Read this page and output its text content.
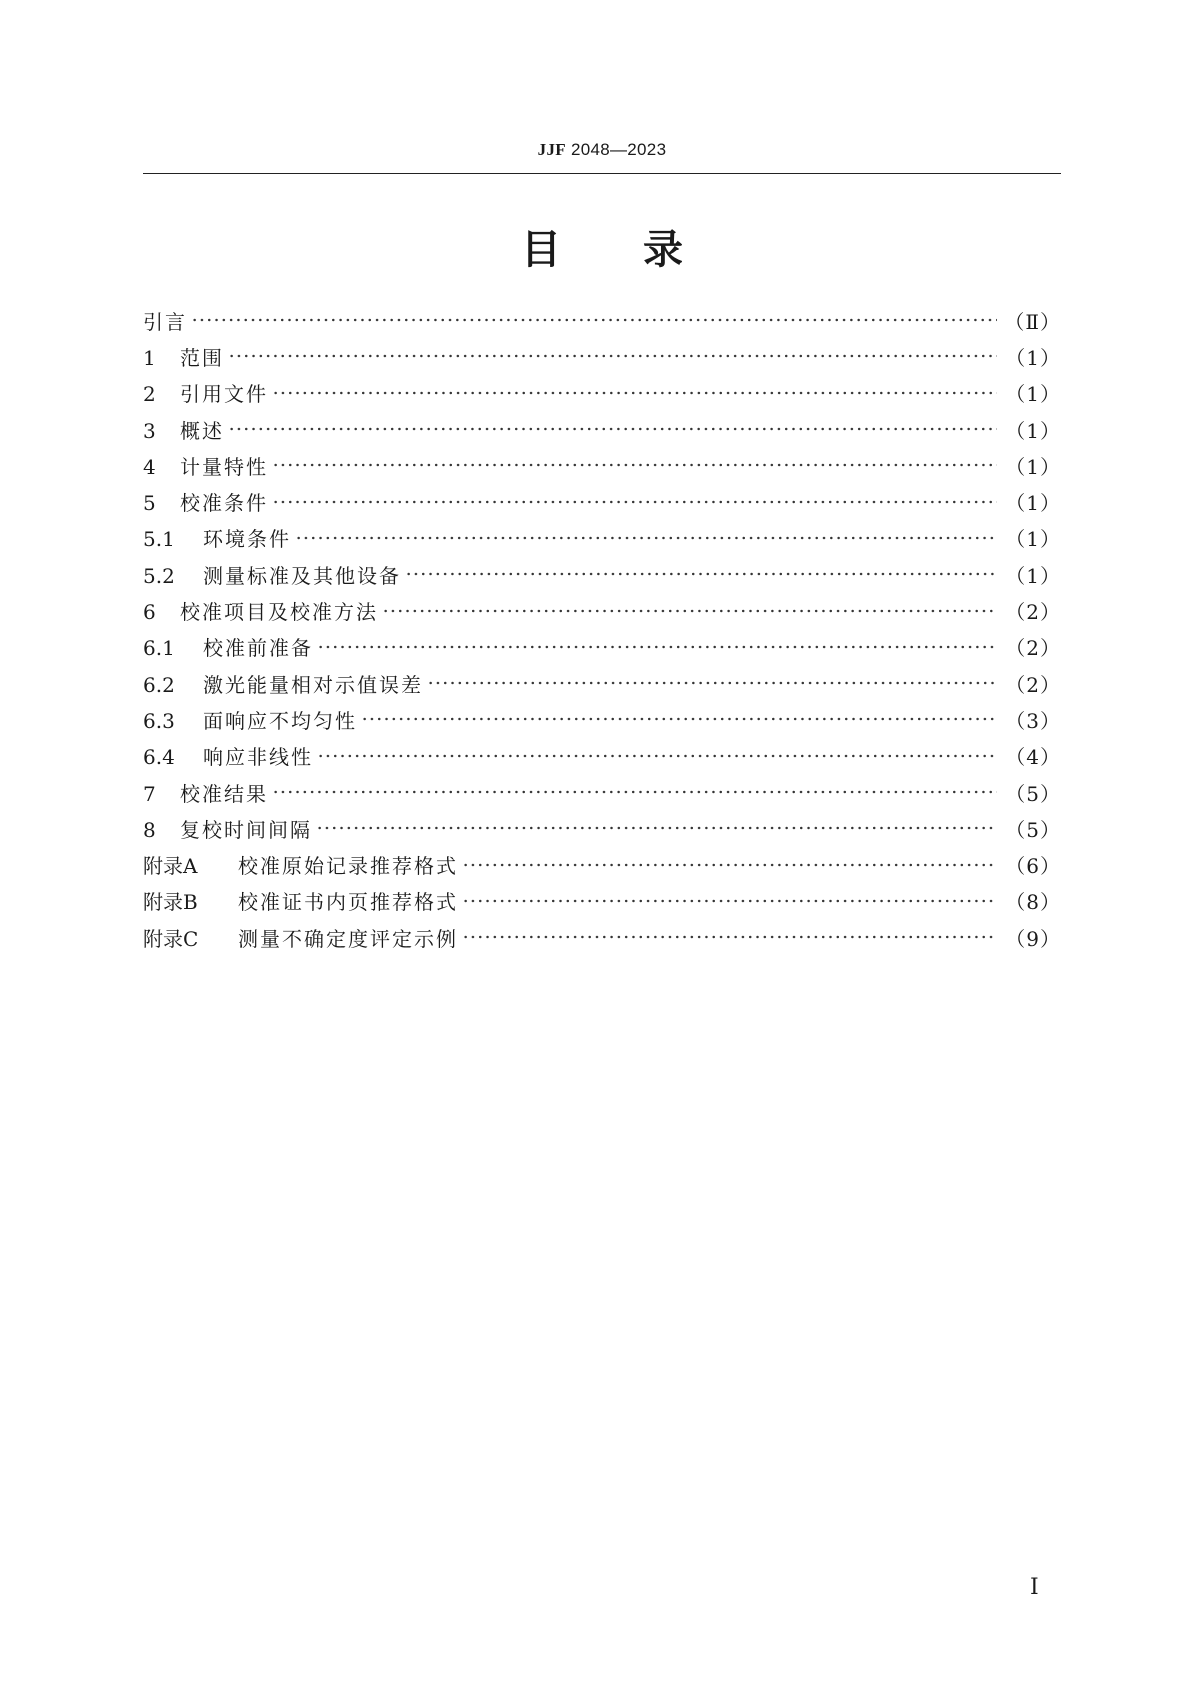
JJF 2048—2023
目 录
引言	（Ⅱ）
1 范围	（1）
2 引用文件	（1）
3 概述	（1）
4 计量特性	（1）
5 校准条件	（1）
5.1 环境条件	（1）
5.2 测量标准及其他设备	（1）
6 校准项目及校准方法	（2）
6.1 校准前准备	（2）
6.2 激光能量相对示值误差	（2）
6.3 面响应不均匀性	（3）
6.4 响应非线性	（4）
7 校准结果	（5）
8 复校时间间隔	（5）
附录A 校准原始记录推荐格式	（6）
附录B 校准证书内页推荐格式	（8）
附录C 测量不确定度评定示例	（9）
Ⅰ
